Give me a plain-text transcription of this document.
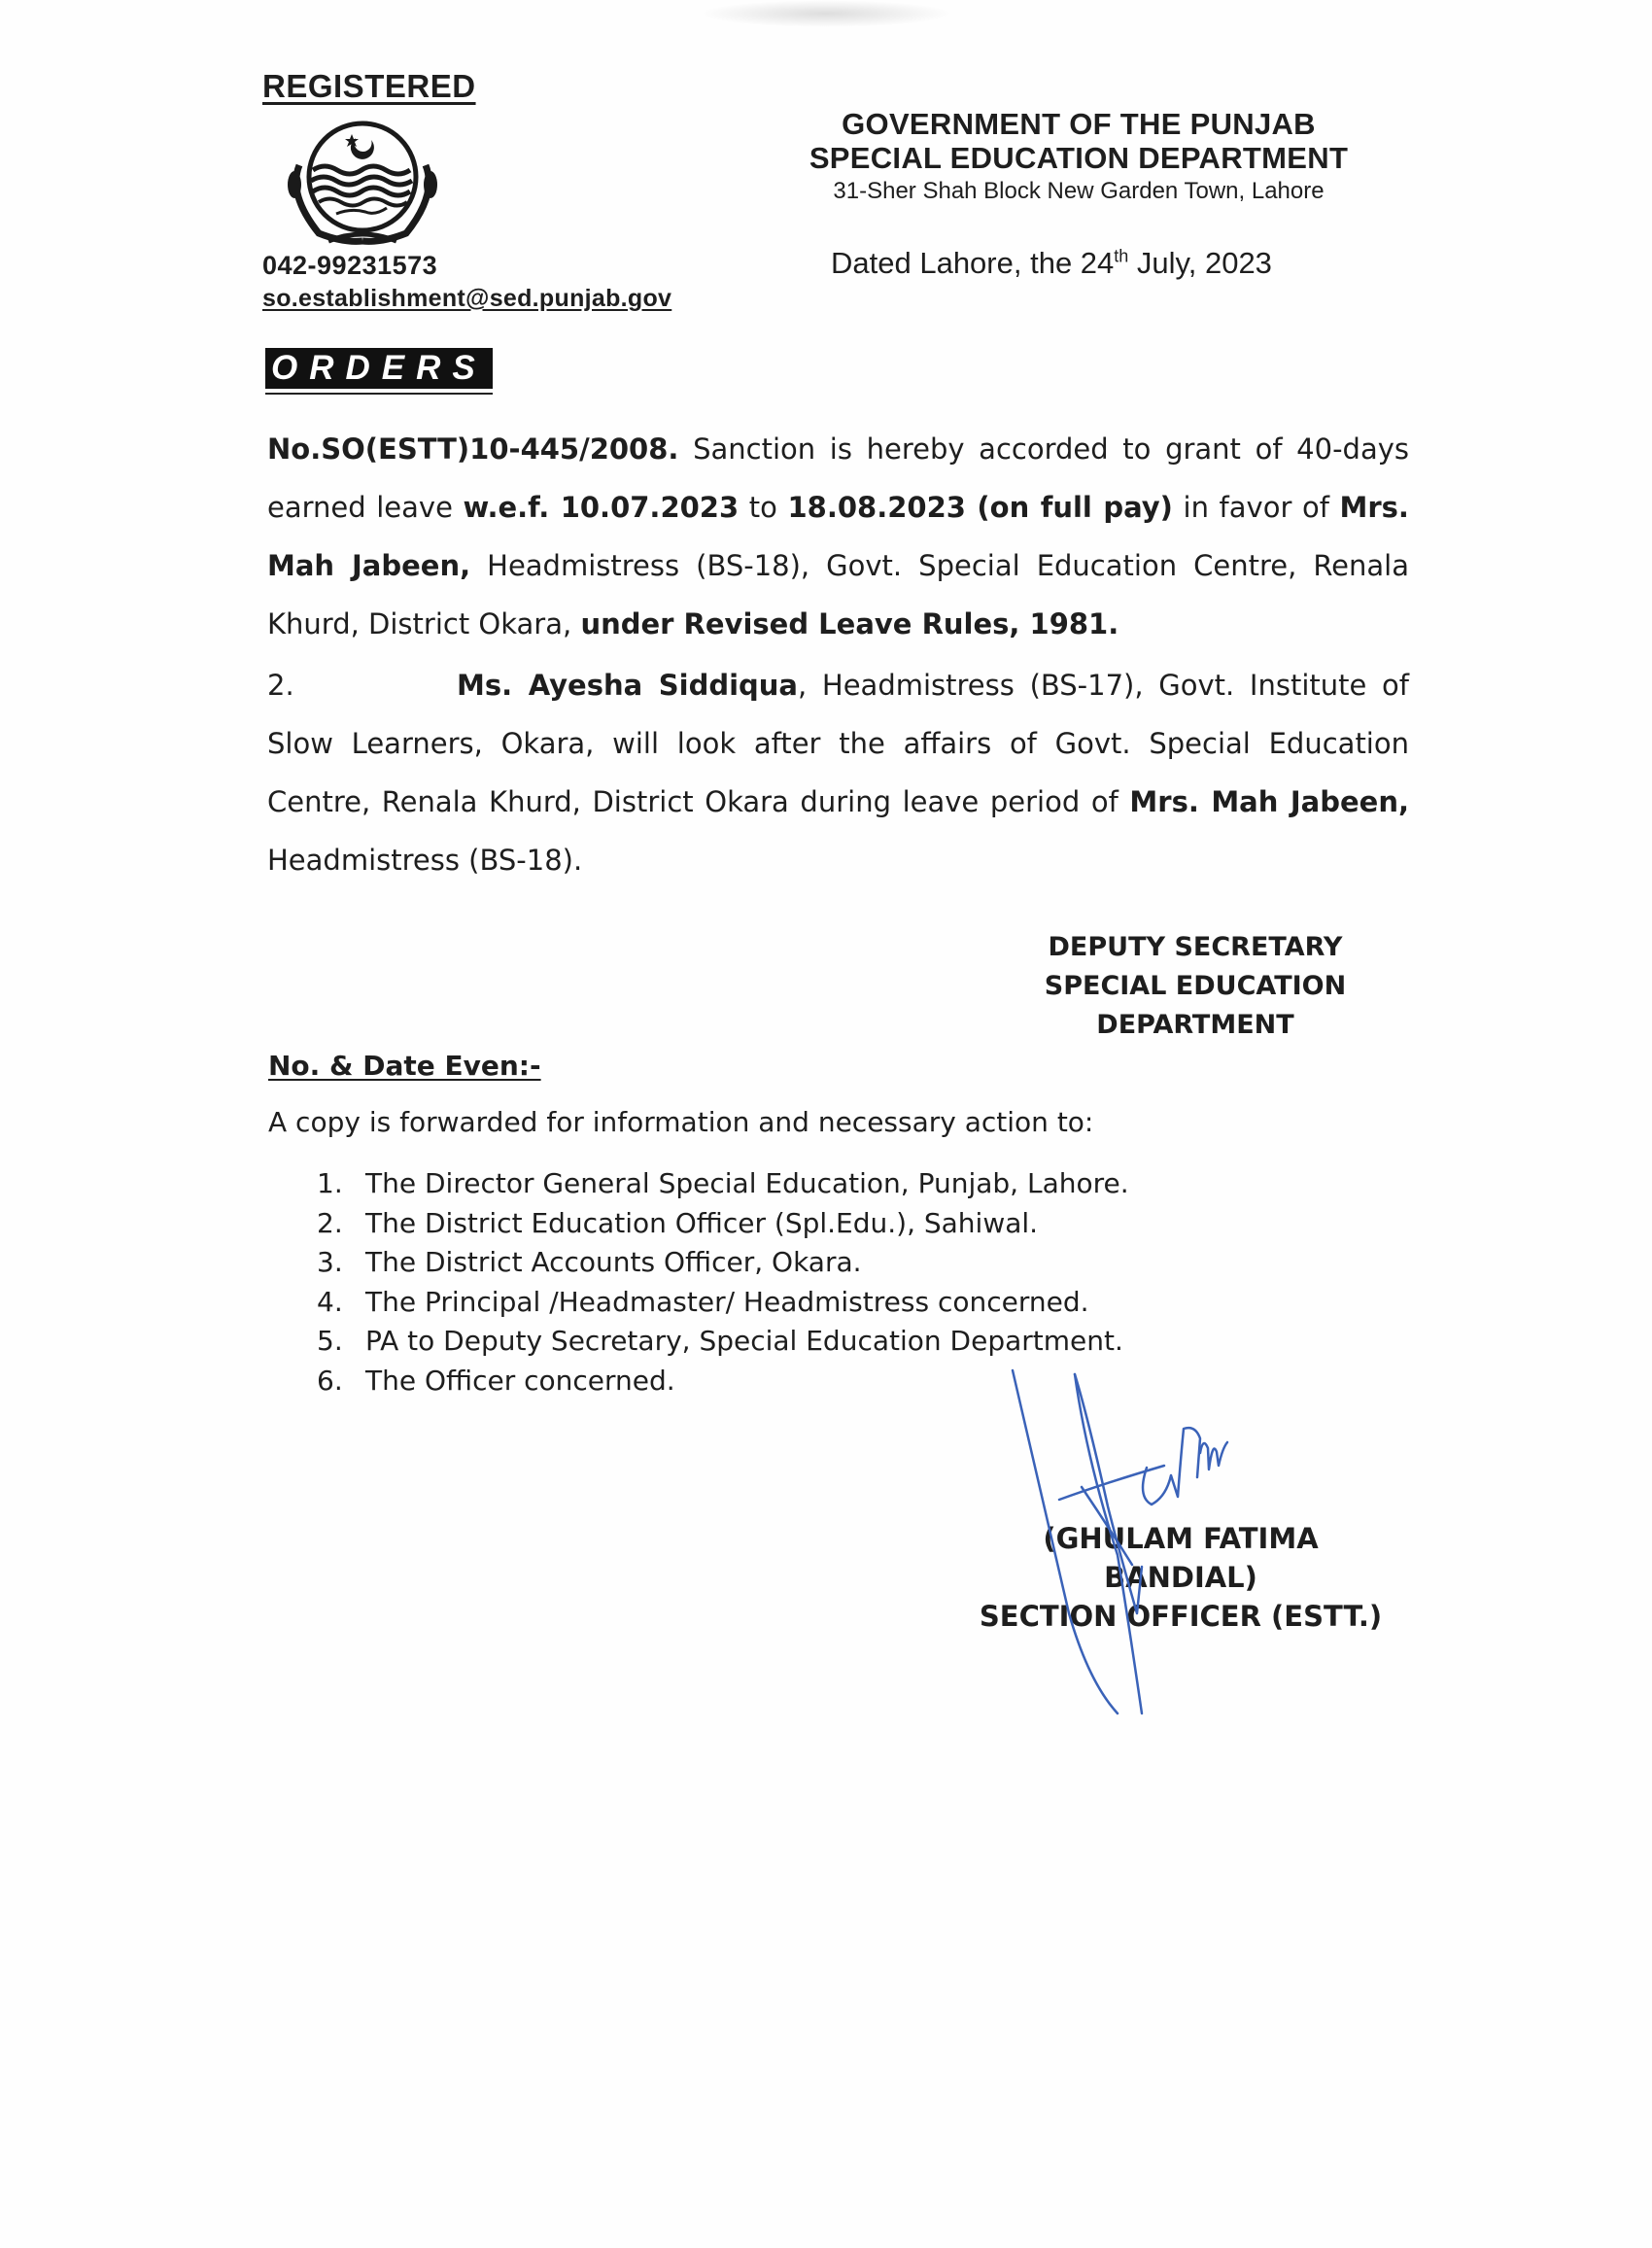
REGISTERED
042-99231573
so.establishment@sed.punjab.gov
GOVERNMENT OF THE PUNJAB
SPECIAL EDUCATION DEPARTMENT
31-Sher Shah Block New Garden Town, Lahore
Dated Lahore, the 24th July, 2023
ORDERS
No.SO(ESTT)10-445/2008. Sanction is hereby accorded to grant of 40-days earned leave w.e.f. 10.07.2023 to 18.08.2023 (on full pay) in favor of Mrs. Mah Jabeen, Headmistress (BS-18), Govt. Special Education Centre, Renala Khurd, District Okara, under Revised Leave Rules, 1981.
2.	Ms. Ayesha Siddiqua, Headmistress (BS-17), Govt. Institute of Slow Learners, Okara, will look after the affairs of Govt. Special Education Centre, Renala Khurd, District Okara during leave period of Mrs. Mah Jabeen, Headmistress (BS-18).
DEPUTY SECRETARY
SPECIAL EDUCATION
DEPARTMENT
No. & Date Even:-
A copy is forwarded for information and necessary action to:
1. The Director General Special Education, Punjab, Lahore.
2. The District Education Officer (Spl.Edu.), Sahiwal.
3. The District Accounts Officer, Okara.
4. The Principal /Headmaster/ Headmistress concerned.
5. PA to Deputy Secretary, Special Education Department.
6. The Officer concerned.
(GHULAM FATIMA BANDIAL)
SECTION OFFICER (ESTT.)
